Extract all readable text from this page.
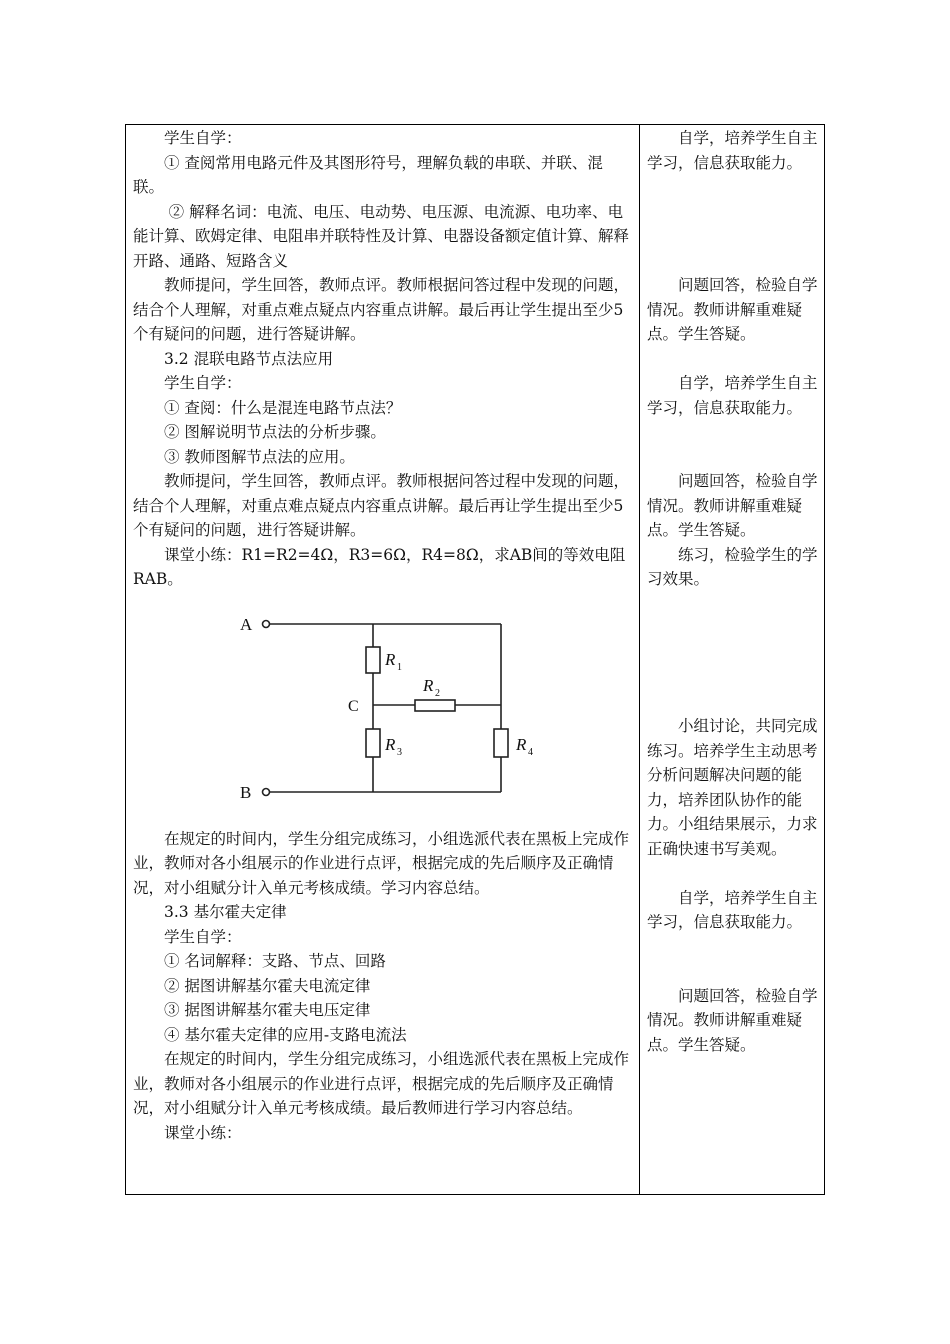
学生自学：

① 查阅常用电路元件及其图形符号，理解负载的串联、并联、混联。

② 解释名词：电流、电压、电动势、电压源、电流源、电功率、电能计算、欧姆定律、电阻串并联特性及计算、电器设备额定值计算、解释开路、通路、短路含义

教师提问，学生回答，教师点评。教师根据问答过程中发现的问题，结合个人理解，对重点难点疑点内容重点讲解。最后再让学生提出至少5个有疑问的问题，进行答疑讲解。

3.2 混联电路节点法应用

学生自学：

① 查阅：什么是混连电路节点法？

② 图解说明节点法的分析步骤。

③ 教师图解节点法的应用。

教师提问，学生回答，教师点评。教师根据问答过程中发现的问题，结合个人理解，对重点难点疑点内容重点讲解。最后再让学生提出至少5个有疑问的问题，进行答疑讲解。

课堂小练：R1=R2=4Ω，R3=6Ω，R4=8Ω，求AB间的等效电阻RAB。

A
B
C
R 1
R 2
R 3	R 4

在规定的时间内，学生分组完成练习，小组选派代表在黑板上完成作业，教师对各小组展示的作业进行点评，根据完成的先后顺序及正确情况，对小组赋分计入单元考核成绩。学习内容总结。

3.3 基尔霍夫定律

学生自学：

① 名词解释：支路、节点、回路

② 据图讲解基尔霍夫电流定律

③ 据图讲解基尔霍夫电压定律

④ 基尔霍夫定律的应用-支路电流法

在规定的时间内，学生分组完成练习，小组选派代表在黑板上完成作业，教师对各小组展示的作业进行点评，根据完成的先后顺序及正确情况，对小组赋分计入单元考核成绩。最后教师进行学习内容总结。

课堂小练：

自学，培养学生自主学习，信息获取能力。

问题回答，检验自学情况。教师讲解重难疑点。学生答疑。

自学，培养学生自主学习，信息获取能力。

问题回答，检验自学情况。教师讲解重难疑点。学生答疑。

练习，检验学生的学习效果。

小组讨论，共同完成练习。培养学生主动思考分析问题解决问题的能力，培养团队协作的能力。小组结果展示，力求正确快速书写美观。

自学，培养学生自主学习，信息获取能力。

问题回答，检验自学情况。教师讲解重难疑点。学生答疑。
